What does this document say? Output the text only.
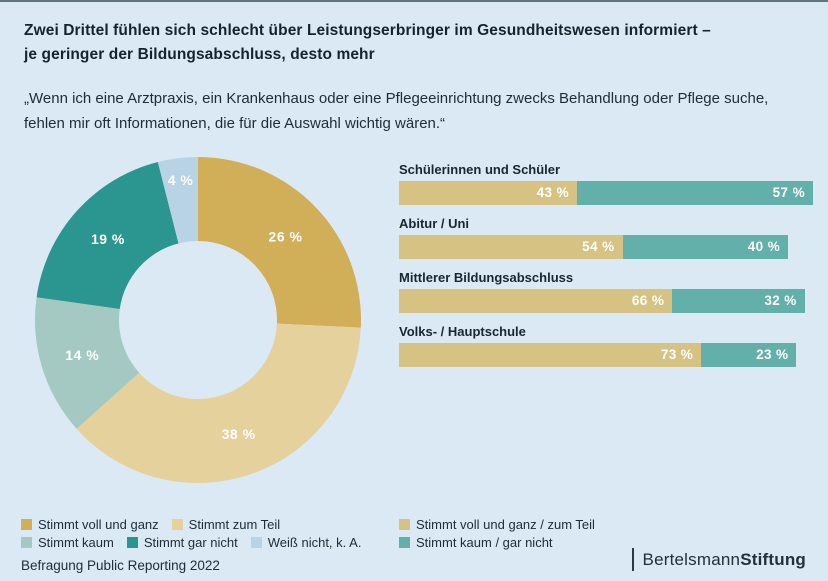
Zwei Drittel fühlen sich schlecht über Leistungserbringer im Gesundheitswesen informiert –
je geringer der Bildungsabschluss, desto mehr
„Wenn ich eine Arztpraxis, ein Krankenhaus oder eine Pflegeeinrichtung zwecks Behandlung oder Pflege suche,
fehlen mir oft Informationen, die für die Auswahl wichtig wären.“
26 %
38 %
14 %
19 %
4 %
Schülerinnen und Schüler
43 %	57 %
Abitur / Uni
54 %	40 %
Mittlerer Bildungsabschluss
66 %	32 %
Volks- / Hauptschule
73 %	23 %
Stimmt voll und ganz Stimmt zum Teil
Stimmt kaum Stimmt gar nicht Weiß nicht, k. A.
Stimmt voll und ganz / zum Teil
Stimmt kaum / gar nicht
Befragung Public Reporting 2022	BertelsmannStiftung
